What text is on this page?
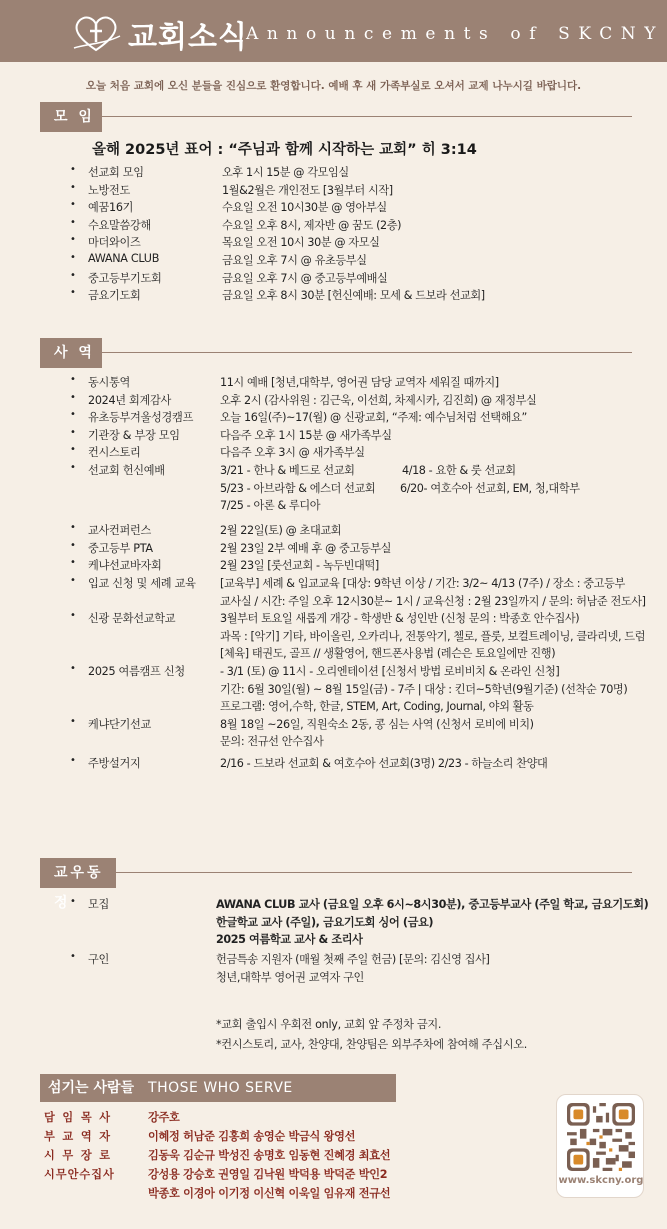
교회소식
Announcements of SKCNY
오늘 처음 교회에 오신 분들을 진심으로 환영합니다. 예배 후 새 가족부실로 오셔서 교제 나누시길 바랍니다.
모 임
올해 2025년 표어 : “주님과 함께 시작하는 교회” 히 3:14
•	선교회 모임	오후 1시 15분 @ 각모임실
•	노방전도	1월&2월은 개인전도 [3월부터 시작]
•	예꿈16기	수요일 오전 10시30분 @ 영아부실
•	수요말씀강해	수요일 오후 8시, 제자반 @ 꿈도 (2층)
•	마더와이즈	목요일 오전 10시 30분 @ 자모실
•	AWANA CLUB	금요일 오후 7시 @ 유초등부실
•	중고등부기도회	금요일 오후 7시 @ 중고등부예배실
•	금요기도회	금요일 오후 8시 30분 [헌신예배: 모세 & 드보라 선교회]
사 역
•	동시통역	11시 예배 [청년,대학부, 영어권 담당 교역자 세워질 때까지]
•	2024년 회계감사	오후 2시 (감사위원 : 김근욱, 이선희, 차제시카, 김진희) @ 재정부실
•	유초등부겨울성경캠프 오늘 16일(주)~17(월) @ 신광교회, “주제: 예수님처럼 선택해요”
•	기관장 & 부장 모임	다음주 오후 1시 15분 @ 새가족부실
•	컨시스토리	다음주 오후 3시 @ 새가족부실
•	선교회 헌신예배	3/21 - 한나 & 베드로 선교회	4/18 - 요한 & 룻 선교회
5/23 - 아브라함 & 에스더 선교회 6/20- 여호수아 선교회, EM, 청,대학부
7/25 - 아론 & 루디아
•	교사컨퍼런스	2월 22일(토) @ 초대교회
•	중고등부 PTA	2월 23일 2부 예배 후 @ 중고등부실
•	케냐선교바자회	2월 23일 [룻선교회 - 녹두빈대떡]
•	입교 신청 및 세례 교육 [교육부] 세례 & 입교교육 [대상: 9학년 이상 / 기간: 3/2~ 4/13 (7주) / 장소 : 중고등부
교사실 / 시간: 주일 오후 12시30분~ 1시 / 교육신청 : 2월 23일까지 / 문의: 허남준 전도사]
•	신광 문화선교학교	3월부터 토요일 새롭게 개강 - 학생반 & 성인반 (신청 문의 : 박종호 안수집사)
과목 : [악기] 기타, 바이올린, 오카리나, 전통악기, 첼로, 플룻, 보컬트레이닝, 클라리넷, 드럼
[체육] 태권도, 골프 // 생활영어, 핸드폰사용법 (레슨은 토요일에만 진행)
•	2025 여름캠프 신청	- 3/1 (토) @ 11시 - 오리엔테이션 [신청서 방법 로비비치 & 온라인 신청]
기간: 6월 30일(월) ~ 8월 15일(금) - 7주 | 대상 : 킨더~5학년(9월기준) (선착순 70명)
프로그램: 영어,수학, 한글, STEM, Art, Coding, Journal, 야외 활동
•	케냐단기선교	8월 18일 ~26일, 직원숙소 2동, 콩 심는 사역 (신청서 로비에 비치)
문의: 전규선 안수집사
•	주방설거지	2/16 - 드보라 선교회 & 여호수아 선교회(3명) 2/23 - 하늘소리 찬양대
교우동정 •	모집	AWANA CLUB 교사 (금요일 오후 6시~8시30분), 중고등부교사 (주일 학교, 금요기도회)
한글학교 교사 (주일), 금요기도회 싱어 (금요)
2025 여름학교 교사 & 조리사
•	구인	헌금특송 지원자 (매월 첫째 주일 헌금) [문의: 김신영 집사]
청년,대학부 영어권 교역자 구인
*교회 출입시 우회전 only, 교회 앞 주정차 금지.
*컨시스토리, 교사, 찬양대, 찬양팀은 외부주차에 참여해 주십시오.
섬기는 사람들 THOSE WHO SERVE
담임목사	강주호
부교역자	이혜정 허남준 김홍희 송영순 박금식 왕영선
시무장로	김동욱 김순규 박성진 송명호 임동현 진혜경 최효선
시무안수집사	강성용 강승호 권영일 김낙원 박덕용 박덕준 박인2
박종호 이경아 이기정 이신혁 이욱일 임유재 전규선
www.skcny.org
